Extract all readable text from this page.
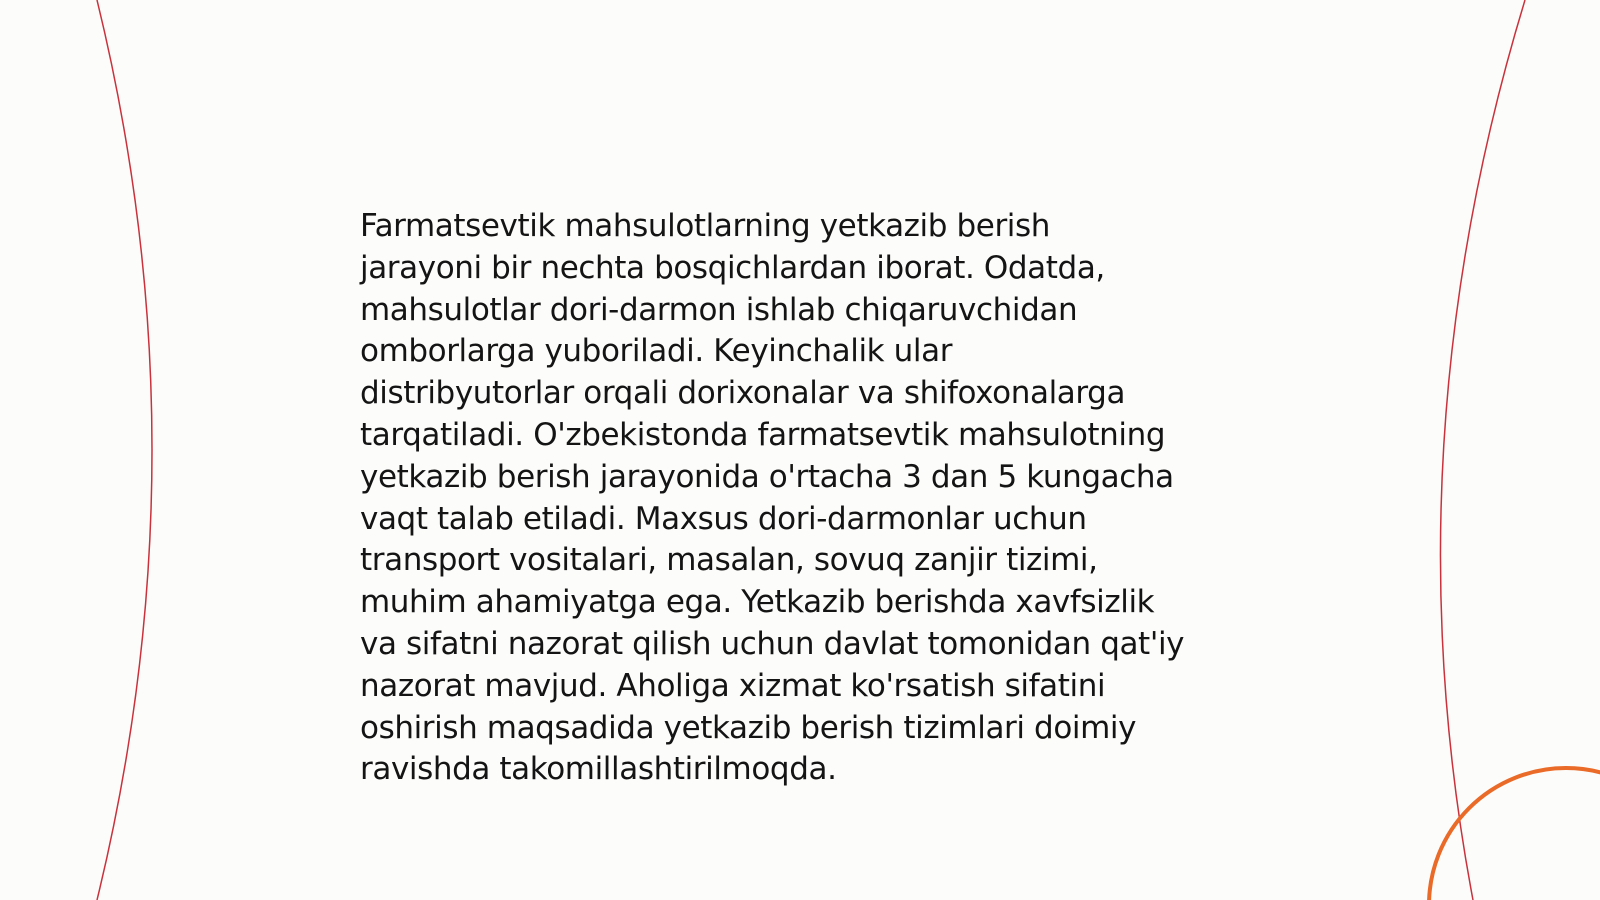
Farmatsevtik mahsulotlarning yetkazib berish
jarayoni bir nechta bosqichlardan iborat. Odatda,
mahsulotlar dori-darmon ishlab chiqaruvchidan
omborlarga yuboriladi. Keyinchalik ular
distribyutorlar orqali dorixonalar va shifoxonalarga
tarqatiladi. O'zbekistonda farmatsevtik mahsulotning
yetkazib berish jarayonida o'rtacha 3 dan 5 kungacha
vaqt talab etiladi. Maxsus dori-darmonlar uchun
transport vositalari, masalan, sovuq zanjir tizimi,
muhim ahamiyatga ega. Yetkazib berishda xavfsizlik
va sifatni nazorat qilish uchun davlat tomonidan qat'iy
nazorat mavjud. Aholiga xizmat ko'rsatish sifatini
oshirish maqsadida yetkazib berish tizimlari doimiy
ravishda takomillashtirilmoqda.
